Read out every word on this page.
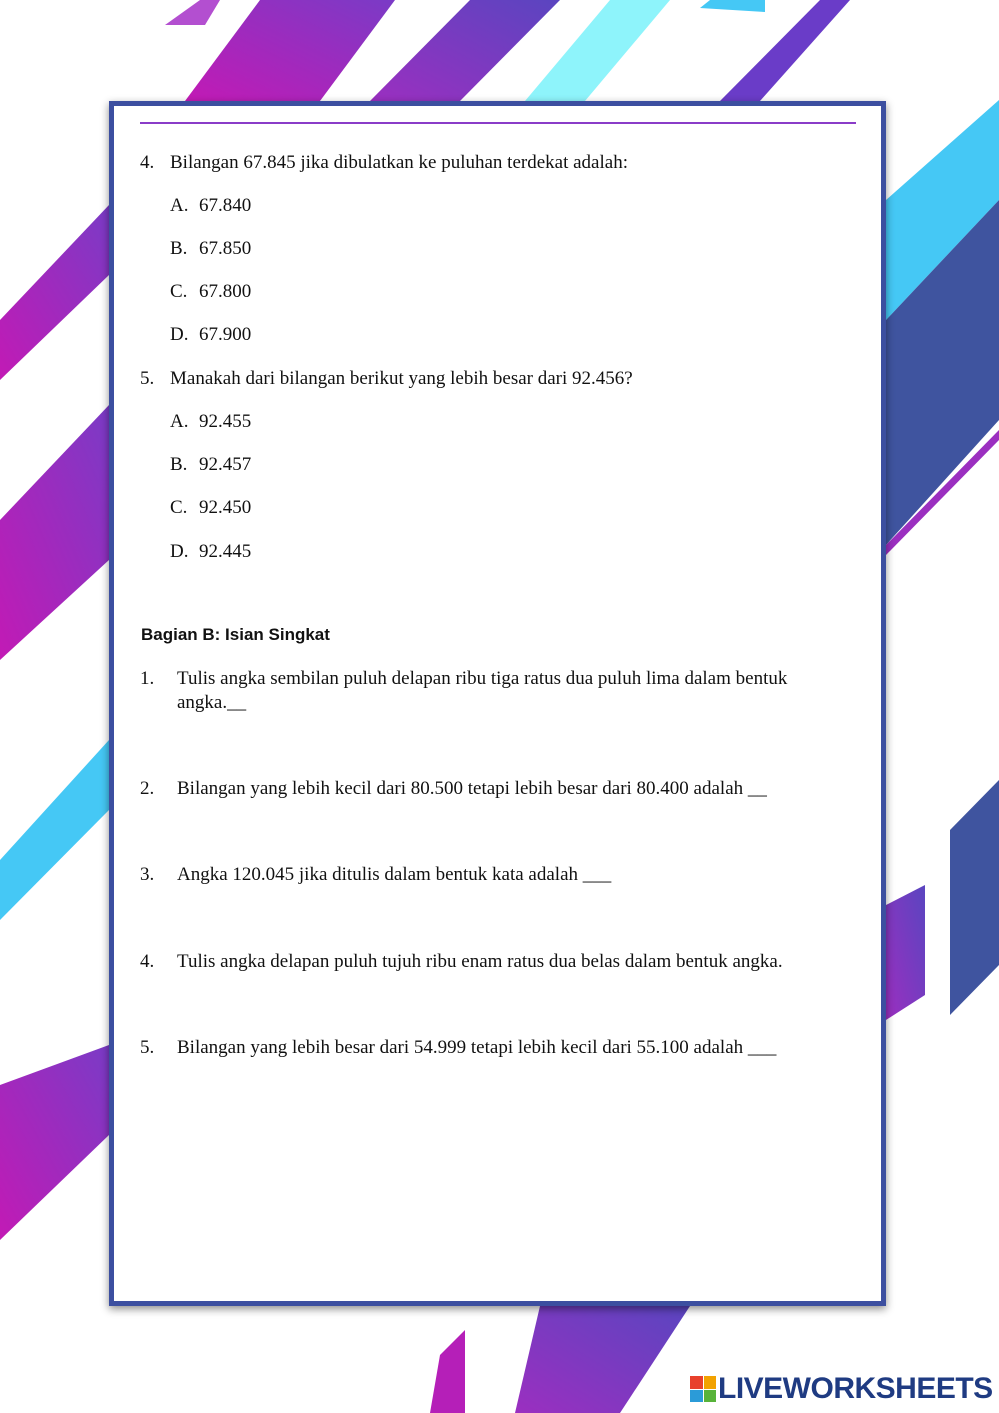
4. Bilangan 67.845 jika dibulatkan ke puluhan terdekat adalah:
A. 67.840
B. 67.850
C. 67.800
D. 67.900
5. Manakah dari bilangan berikut yang lebih besar dari 92.456?
A. 92.455
B. 92.457
C. 92.450
D. 92.445
Bagian B: Isian Singkat
1. Tulis angka sembilan puluh delapan ribu tiga ratus dua puluh lima dalam bentuk angka.__
2. Bilangan yang lebih kecil dari 80.500 tetapi lebih besar dari 80.400 adalah __
3. Angka 120.045 jika ditulis dalam bentuk kata adalah ___
4. Tulis angka delapan puluh tujuh ribu enam ratus dua belas dalam bentuk angka.
5. Bilangan yang lebih besar dari 54.999 tetapi lebih kecil dari 55.100 adalah ___
LIVEWORKSHEETS
